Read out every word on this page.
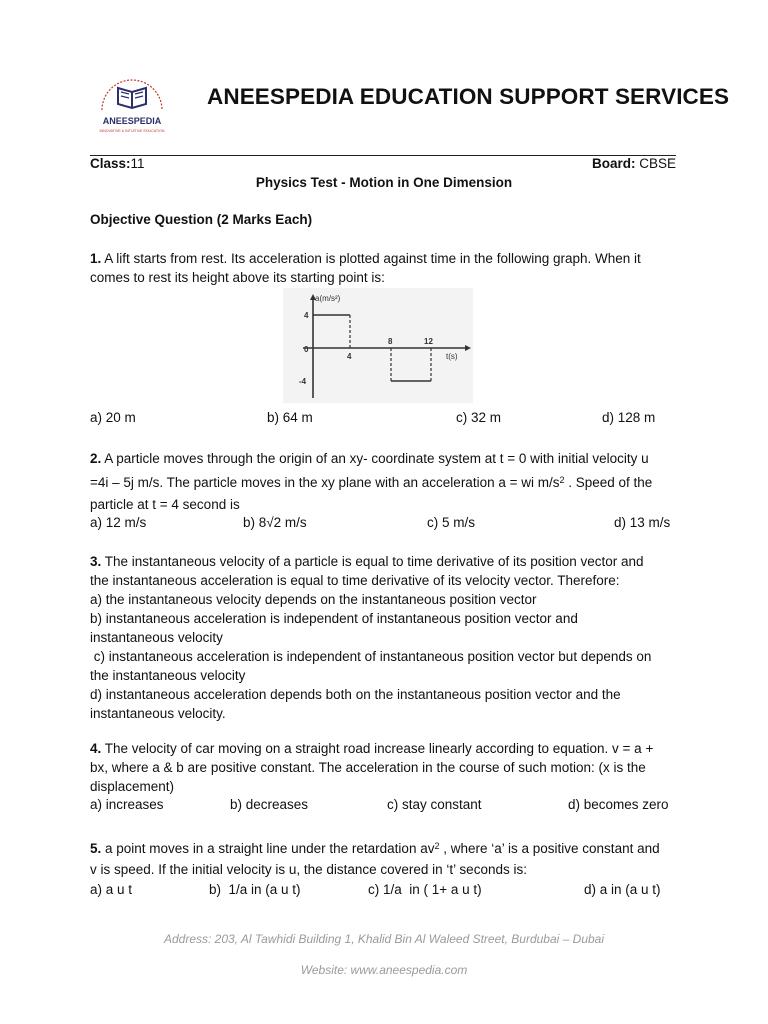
ANEESPEDIA
INNOVATIVE & INTUITIVE EDUCATION
ANEESPEDIA EDUCATION SUPPORT SERVICES
Class:11	Board: CBSE
Physics Test - Motion in One Dimension
Objective Question (2 Marks Each)
1. A lift starts from rest. Its acceleration is plotted against time in the following graph. When it
comes to rest its height above its starting point is:
a(m/s²)
t(s)
4
0
-4
4
8	12
a) 20 m	b) 64 m	c) 32 m	d) 128 m
2. A particle moves through the origin of an xy- coordinate system at t = 0 with initial velocity u
=4i – 5j m/s. The particle moves in the xy plane with an acceleration a = wi $m/s^2$ . Speed of the
particle at t = 4 second is
a) 12 m/s	b) 8√2 m/s	c) 5 m/s	d) 13 m/s
3. The instantaneous velocity of a particle is equal to time derivative of its position vector and
the instantaneous acceleration is equal to time derivative of its velocity vector. Therefore:
a) the instantaneous velocity depends on the instantaneous position vector
b) instantaneous acceleration is independent of instantaneous position vector and
instantaneous velocity
c) instantaneous acceleration is independent of instantaneous position vector but depends on
the instantaneous velocity
d) instantaneous acceleration depends both on the instantaneous position vector and the
instantaneous velocity.
4. The velocity of car moving on a straight road increase linearly according to equation. v = a +
bx, where a & b are positive constant. The acceleration in the course of such motion: (x is the
displacement)
a) increases	b) decreases	c) stay constant	d) becomes zero
5. a point moves in a straight line under the retardation $av^2$ , where ‘a’ is a positive constant and
v is speed. If the initial velocity is u, the distance covered in ‘t’ seconds is:
a) a u t	b)  1/a in (a u t)	c) 1/a  in ( 1+ a u t)	d) a in (a u t)
Address: 203, Al Tawhidi Building 1, Khalid Bin Al Waleed Street, Burdubai – Dubai
Website: www.aneespedia.com
